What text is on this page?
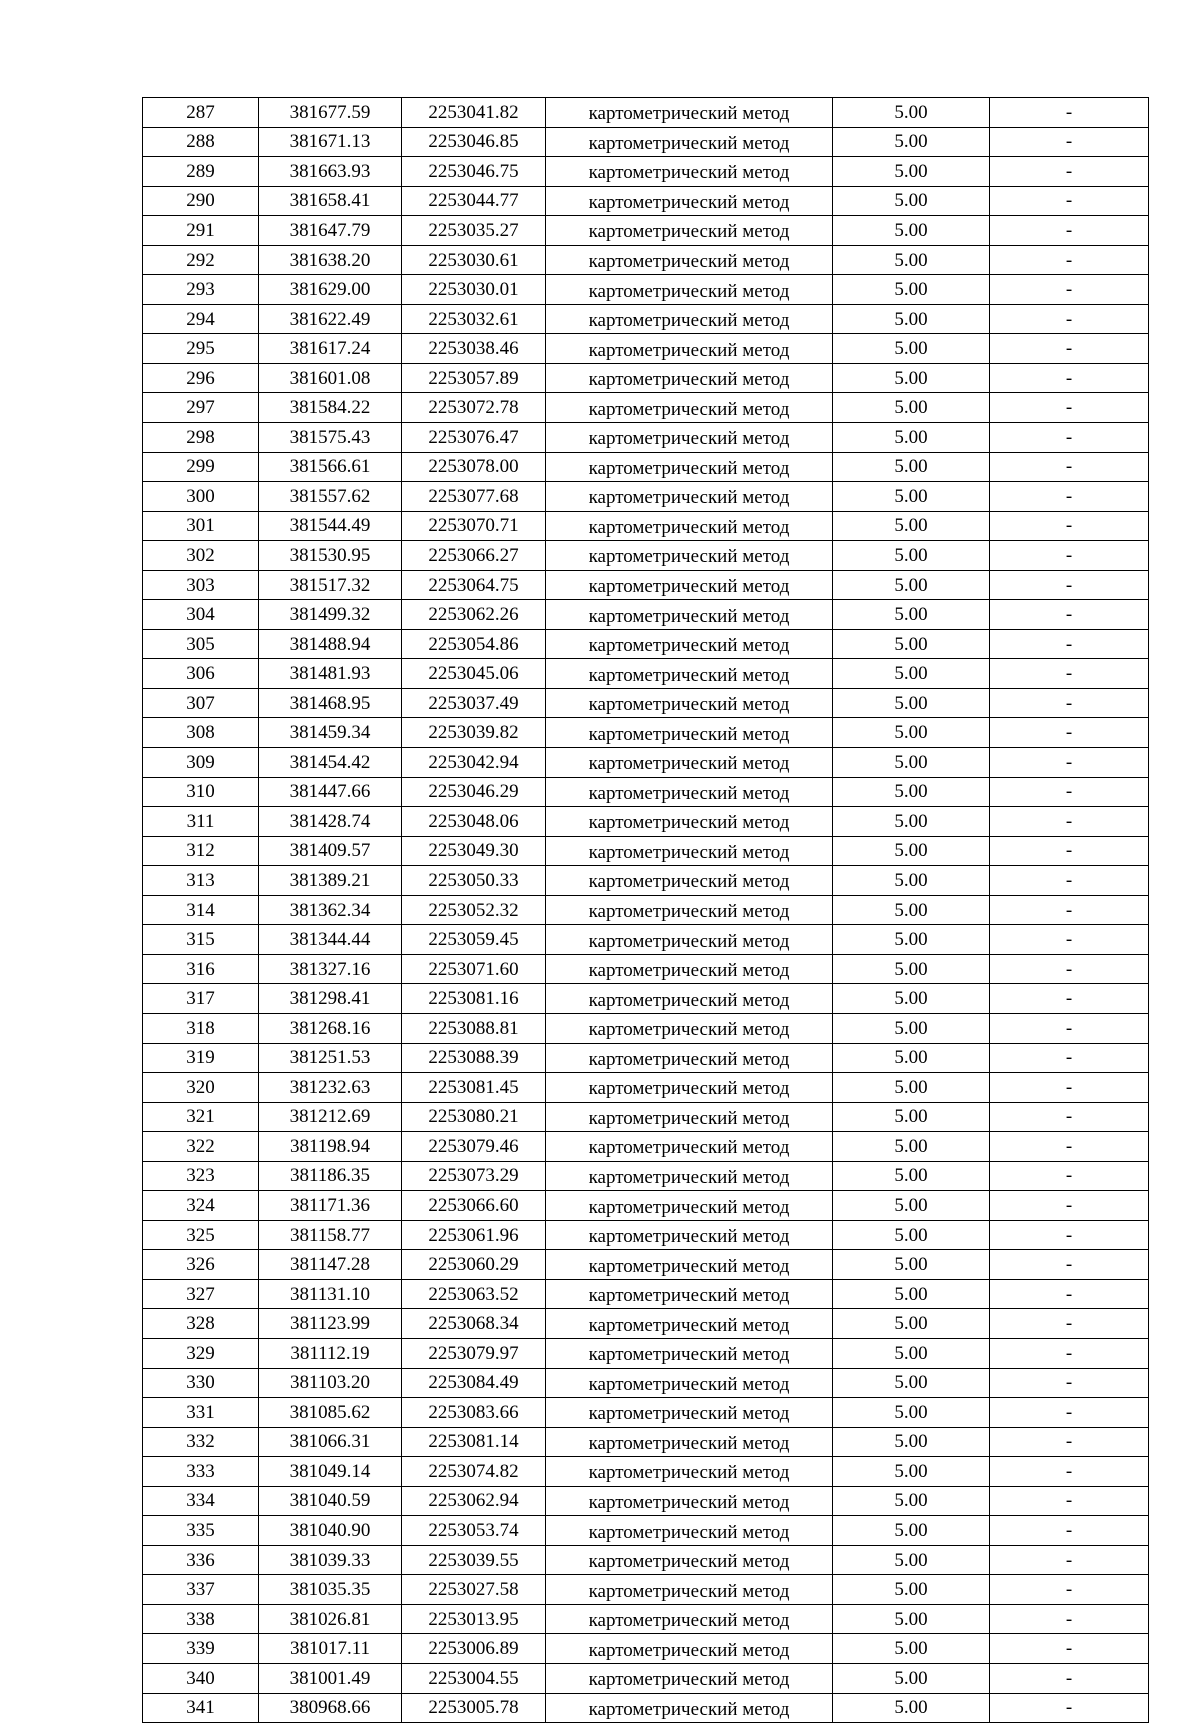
287	381677.59	2253041.82	картометрический метод	5.00	-
288	381671.13	2253046.85	картометрический метод	5.00	-
289	381663.93	2253046.75	картометрический метод	5.00	-
290	381658.41	2253044.77	картометрический метод	5.00	-
291	381647.79	2253035.27	картометрический метод	5.00	-
292	381638.20	2253030.61	картометрический метод	5.00	-
293	381629.00	2253030.01	картометрический метод	5.00	-
294	381622.49	2253032.61	картометрический метод	5.00	-
295	381617.24	2253038.46	картометрический метод	5.00	-
296	381601.08	2253057.89	картометрический метод	5.00	-
297	381584.22	2253072.78	картометрический метод	5.00	-
298	381575.43	2253076.47	картометрический метод	5.00	-
299	381566.61	2253078.00	картометрический метод	5.00	-
300	381557.62	2253077.68	картометрический метод	5.00	-
301	381544.49	2253070.71	картометрический метод	5.00	-
302	381530.95	2253066.27	картометрический метод	5.00	-
303	381517.32	2253064.75	картометрический метод	5.00	-
304	381499.32	2253062.26	картометрический метод	5.00	-
305	381488.94	2253054.86	картометрический метод	5.00	-
306	381481.93	2253045.06	картометрический метод	5.00	-
307	381468.95	2253037.49	картометрический метод	5.00	-
308	381459.34	2253039.82	картометрический метод	5.00	-
309	381454.42	2253042.94	картометрический метод	5.00	-
310	381447.66	2253046.29	картометрический метод	5.00	-
311	381428.74	2253048.06	картометрический метод	5.00	-
312	381409.57	2253049.30	картометрический метод	5.00	-
313	381389.21	2253050.33	картометрический метод	5.00	-
314	381362.34	2253052.32	картометрический метод	5.00	-
315	381344.44	2253059.45	картометрический метод	5.00	-
316	381327.16	2253071.60	картометрический метод	5.00	-
317	381298.41	2253081.16	картометрический метод	5.00	-
318	381268.16	2253088.81	картометрический метод	5.00	-
319	381251.53	2253088.39	картометрический метод	5.00	-
320	381232.63	2253081.45	картометрический метод	5.00	-
321	381212.69	2253080.21	картометрический метод	5.00	-
322	381198.94	2253079.46	картометрический метод	5.00	-
323	381186.35	2253073.29	картометрический метод	5.00	-
324	381171.36	2253066.60	картометрический метод	5.00	-
325	381158.77	2253061.96	картометрический метод	5.00	-
326	381147.28	2253060.29	картометрический метод	5.00	-
327	381131.10	2253063.52	картометрический метод	5.00	-
328	381123.99	2253068.34	картометрический метод	5.00	-
329	381112.19	2253079.97	картометрический метод	5.00	-
330	381103.20	2253084.49	картометрический метод	5.00	-
331	381085.62	2253083.66	картометрический метод	5.00	-
332	381066.31	2253081.14	картометрический метод	5.00	-
333	381049.14	2253074.82	картометрический метод	5.00	-
334	381040.59	2253062.94	картометрический метод	5.00	-
335	381040.90	2253053.74	картометрический метод	5.00	-
336	381039.33	2253039.55	картометрический метод	5.00	-
337	381035.35	2253027.58	картометрический метод	5.00	-
338	381026.81	2253013.95	картометрический метод	5.00	-
339	381017.11	2253006.89	картометрический метод	5.00	-
340	381001.49	2253004.55	картометрический метод	5.00	-
341	380968.66	2253005.78	картометрический метод	5.00	-
